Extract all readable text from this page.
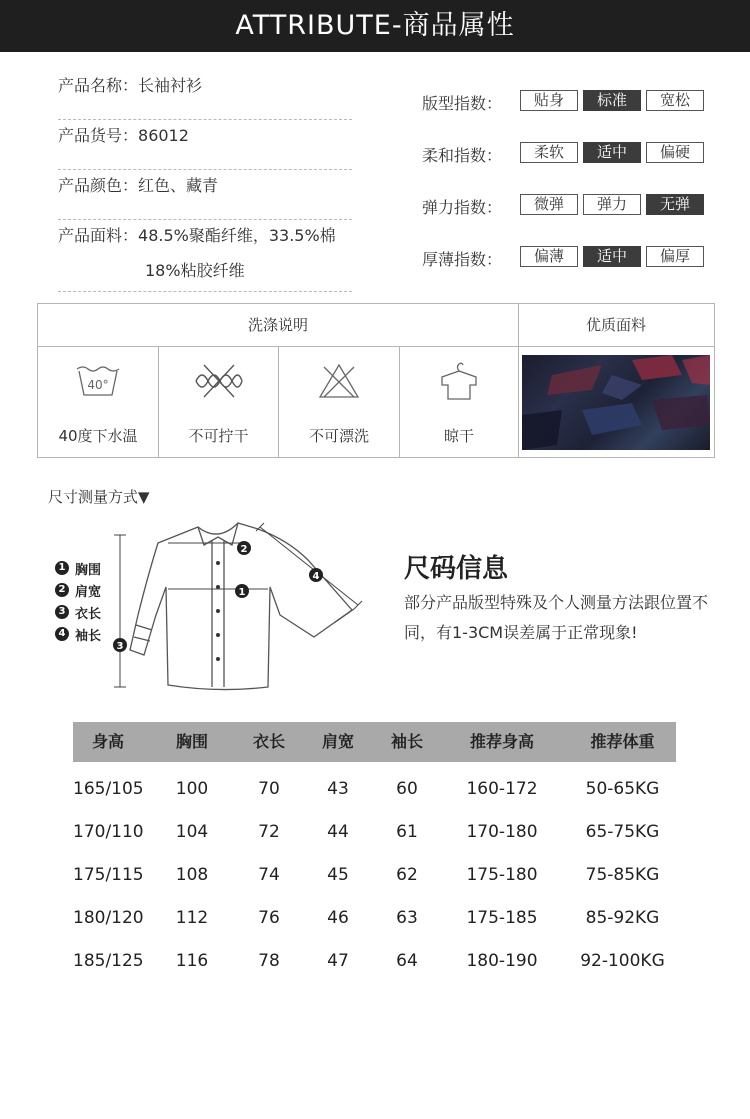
ATTRIBUTE-商品属性
产品名称：长袖衬衫
产品货号：86012
产品颜色：红色、藏青
产品面料：48.5%聚酯纤维，33.5%棉
18%粘胶纤维
版型指数：	贴身	标准	宽松
柔和指数：	柔软	适中	偏硬
弹力指数：	微弹	弹力	无弹
厚薄指数：	偏薄	适中	偏厚
洗涤说明	优质面料
40°
40度下水温	不可拧干	不可漂洗	晾干
尺寸测量方式▼
1 胸围
2 肩宽
3 衣长
4 袖长
1
2
3
4	尺码信息
部分产品版型特殊及个人测量方法跟位置不同，有1-3CM误差属于正常现象!
身高	胸围	衣长	肩宽	袖长	推荐身高	推荐体重
165/105	100	70	43	60	160-172	50-65KG
170/110	104	72	44	61	170-180	65-75KG
175/115	108	74	45	62	175-180	75-85KG
180/120	112	76	46	63	175-185	85-92KG
185/125	116	78	47	64	180-190	92-100KG
